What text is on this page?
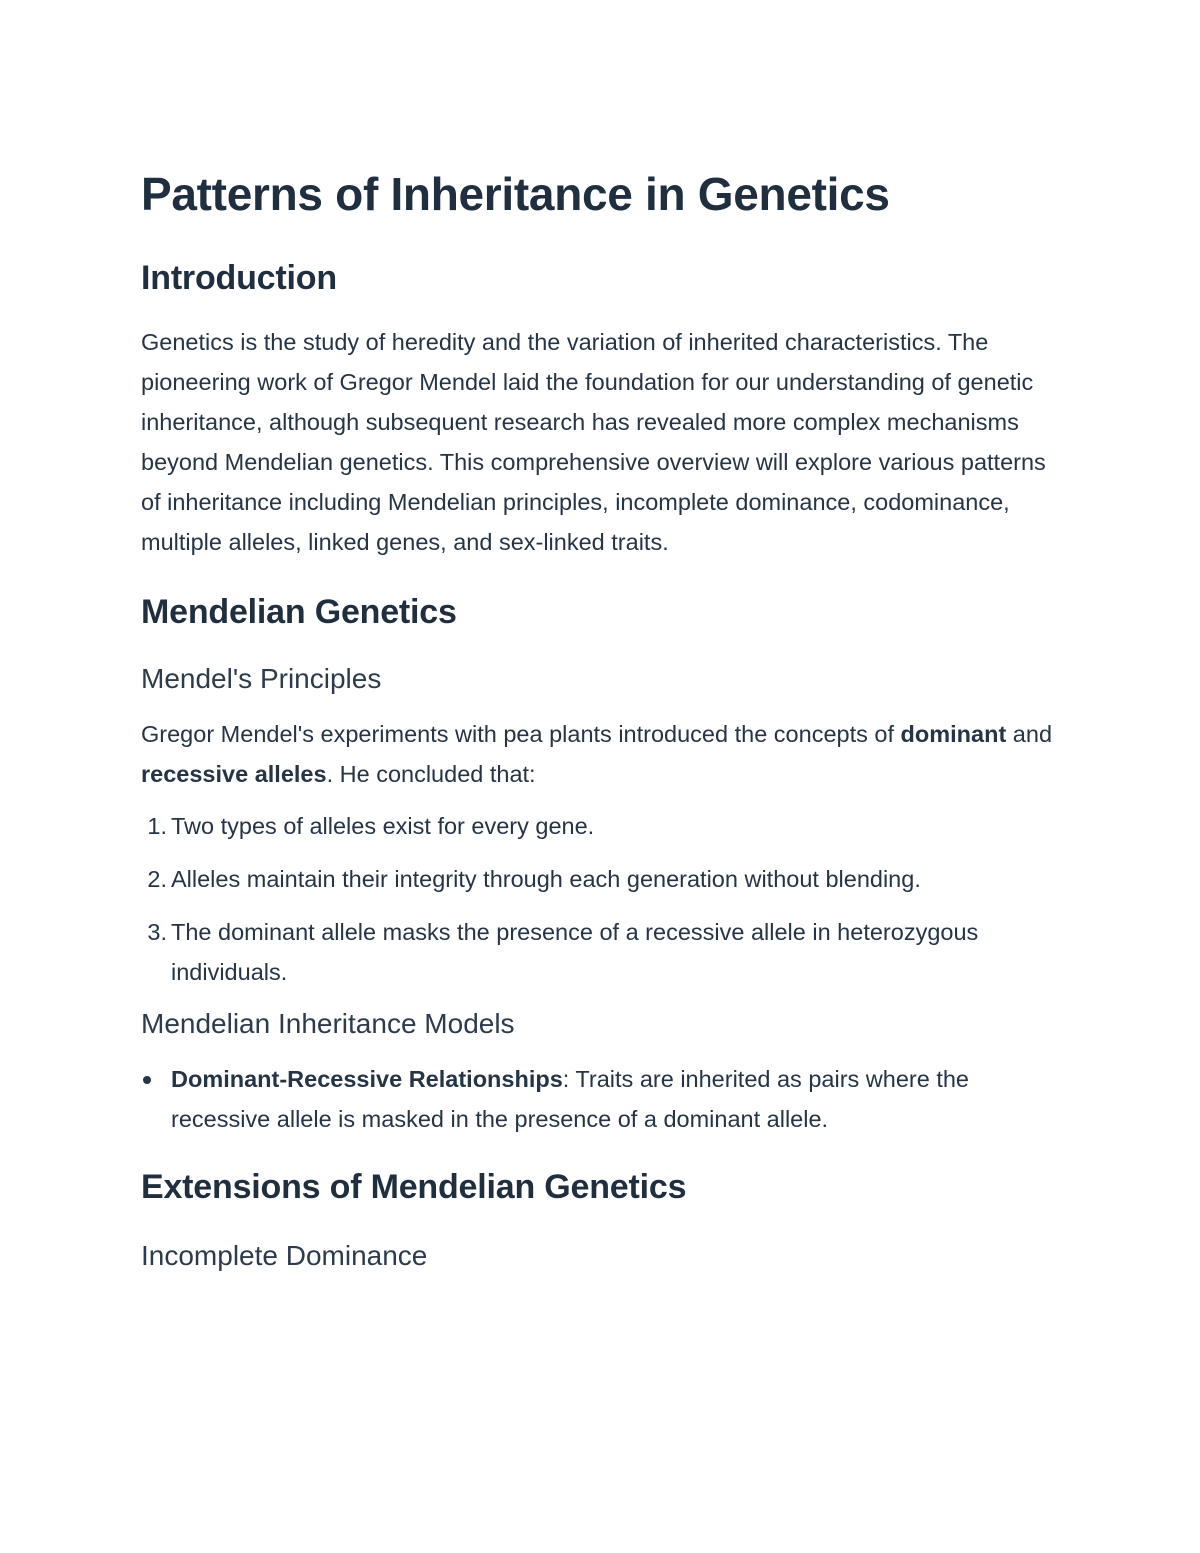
Patterns of Inheritance in Genetics
Introduction

Genetics is the study of heredity and the variation of inherited characteristics. The pioneering work of Gregor Mendel laid the foundation for our understanding of genetic inheritance, although subsequent research has revealed more complex mechanisms beyond Mendelian genetics. This comprehensive overview will explore various patterns of inheritance including Mendelian principles, incomplete dominance, codominance, multiple alleles, linked genes, and sex-linked traits.

Mendelian Genetics
Mendel's Principles

Gregor Mendel's experiments with pea plants introduced the concepts of dominant and recessive alleles. He concluded that:

1. Two types of alleles exist for every gene.
2. Alleles maintain their integrity through each generation without blending.
3. The dominant allele masks the presence of a recessive allele in heterozygous individuals.
Mendelian Inheritance Models
Dominant-Recessive Relationships: Traits are inherited as pairs where the recessive allele is masked in the presence of a dominant allele.
Extensions of Mendelian Genetics
Incomplete Dominance
